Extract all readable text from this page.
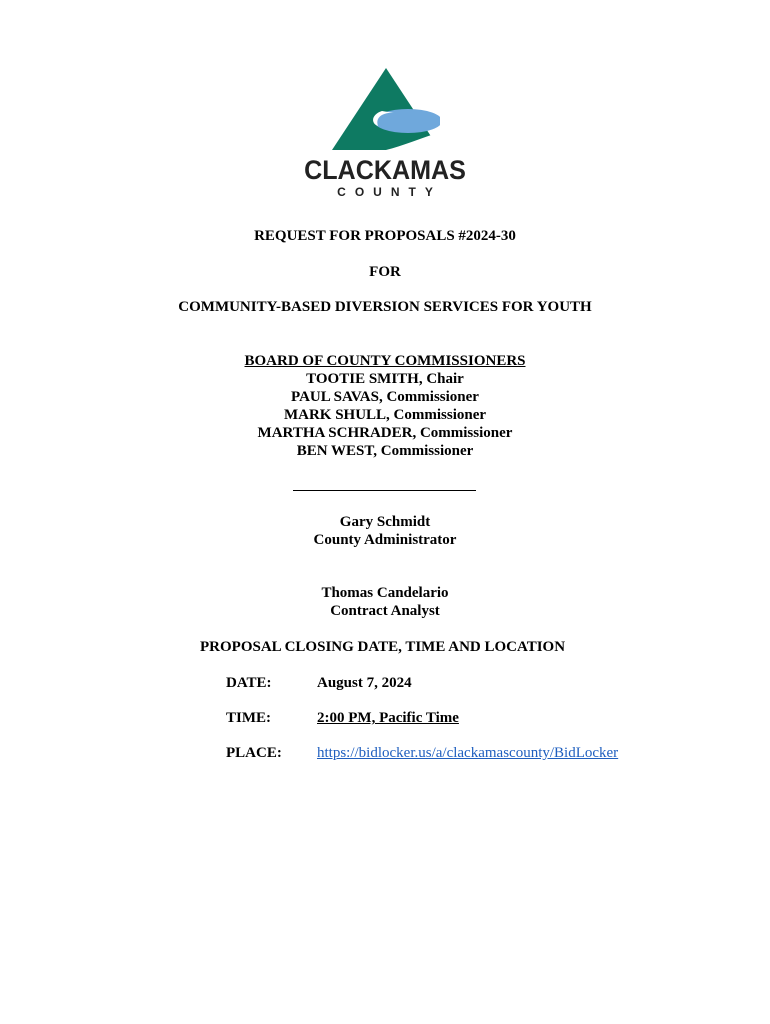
CLACKAMAS
COUNTY
REQUEST FOR PROPOSALS #2024-30
FOR
COMMUNITY-BASED DIVERSION SERVICES FOR YOUTH
BOARD OF COUNTY COMMISSIONERS
TOOTIE SMITH, Chair
PAUL SAVAS, Commissioner
MARK SHULL, Commissioner
MARTHA SCHRADER, Commissioner
BEN WEST, Commissioner
Gary Schmidt
County Administrator
Thomas Candelario
Contract Analyst
PROPOSAL CLOSING DATE, TIME AND LOCATION
DATE:	August 7, 2024
TIME:	2:00 PM, Pacific Time
PLACE: https://bidlocker.us/a/clackamascounty/BidLocker
